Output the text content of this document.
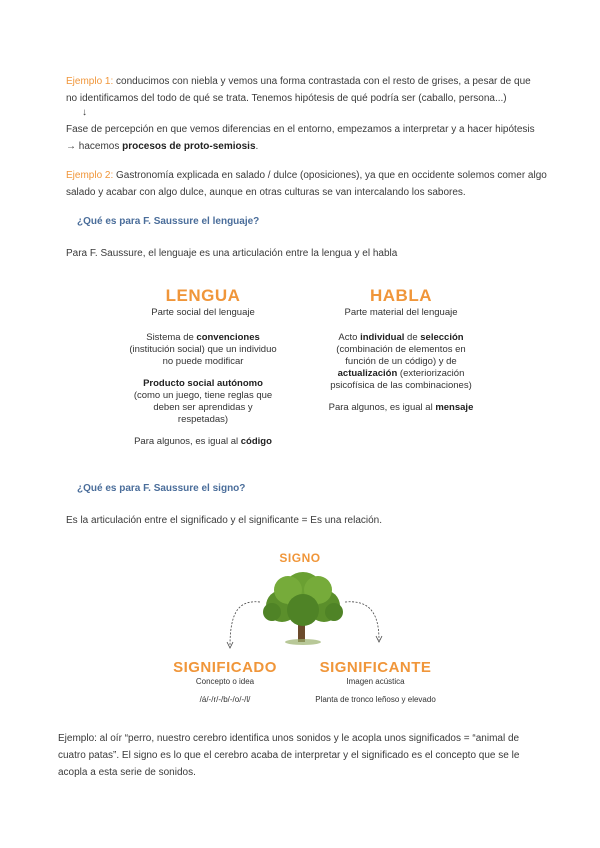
Ejemplo 1: conducimos con niebla y vemos una forma contrastada con el resto de grises, a pesar de que no identificamos del todo de qué se trata. Tenemos hipótesis de qué podría ser (caballo, persona...)
↓
Fase de percepción en que vemos diferencias en el entorno, empezamos a interpretar y a hacer hipótesis
→ hacemos procesos de proto-semiosis.
Ejemplo 2: Gastronomía explicada en salado / dulce (oposiciones), ya que en occidente solemos comer algo salado y acabar con algo dulce, aunque en otras culturas se van intercalando los sabores.
¿Qué es para F. Saussure el lenguaje?
Para F. Saussure, el lenguaje es una articulación entre la lengua y el habla
LENGUA
Parte social del lenguaje
Sistema de convenciones (institución social) que un individuo no puede modificar
Producto social autónomo
(como un juego, tiene reglas que deben ser aprendidas y respetadas)
Para algunos, es igual al código
HABLA
Parte material del lenguaje
Acto individual de selección (combinación de elementos en función de un código) y de actualización (exteriorización psicofísica de las combinaciones)
Para algunos, es igual al mensaje
¿Qué es para F. Saussure el signo?
Es la articulación entre el significado y el significante = Es una relación.
SIGNO
SIGNIFICADO
Concepto o idea
/á/-/r/-/b/-/o/-/l/
SIGNIFICANTE
Imagen acústica
Planta de tronco leñoso y elevado
Ejemplo: al oír “perro, nuestro cerebro identifica unos sonidos y le acopla unos significados = “animal de cuatro patas”. El signo es lo que el cerebro acaba de interpretar y el significado es el concepto que se le acopla a esta serie de sonidos.
